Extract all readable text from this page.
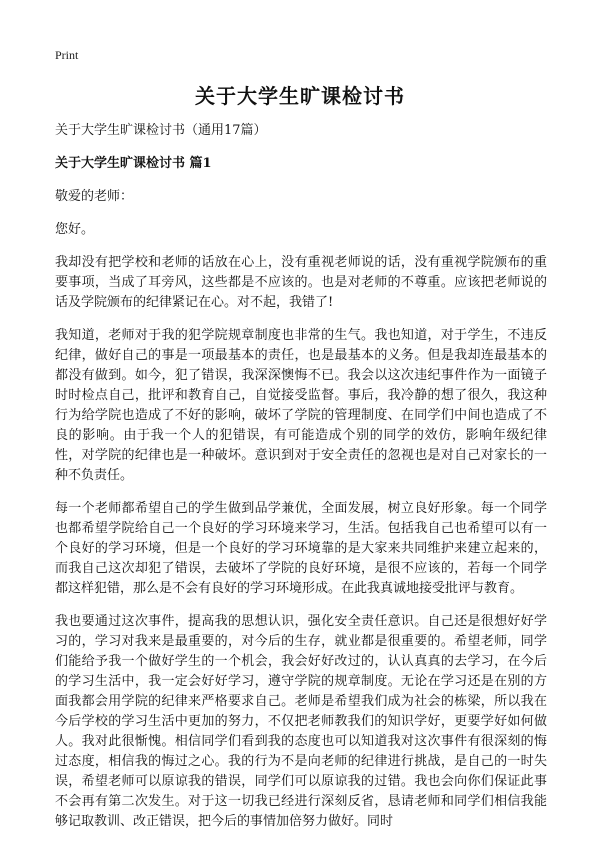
Print
关于大学生旷课检讨书
关于大学生旷课检讨书（通用17篇）
关于大学生旷课检讨书 篇1
敬爱的老师：
您好。

我却没有把学校和老师的话放在心上，没有重视老师说的话，没有重视学院颁布的重要事项，当成了耳旁风，这些都是不应该的。也是对老师的不尊重。应该把老师说的话及学院颁布的纪律紧记在心。对不起，我错了!

我知道，老师对于我的犯学院规章制度也非常的生气。我也知道，对于学生，不违反纪律，做好自己的事是一项最基本的责任，也是最基本的义务。但是我却连最基本的都没有做到。如今，犯了错误，我深深懊悔不已。我会以这次违纪事件作为一面镜子时时检点自己，批评和教育自己，自觉接受监督。事后，我冷静的想了很久，我这种行为给学院也造成了不好的影响，破坏了学院的管理制度、在同学们中间也造成了不良的影响。由于我一个人的犯错误，有可能造成个别的同学的效仿，影响年级纪律性，对学院的纪律也是一种破坏。意识到对于安全责任的忽视也是对自己对家长的一种不负责任。

每一个老师都希望自己的学生做到品学兼优，全面发展，树立良好形象。每一个同学也都希望学院给自己一个良好的学习环境来学习，生活。包括我自己也希望可以有一个良好的学习环境，但是一个良好的学习环境靠的是大家来共同维护来建立起来的，而我自己这次却犯了错误，去破坏了学院的良好环境，是很不应该的，若每一个同学都这样犯错，那么是不会有良好的学习环境形成。在此我真诚地接受批评与教育。

我也要通过这次事件，提高我的思想认识，强化安全责任意识。自己还是很想好好学习的，学习对我来是最重要的，对今后的生存，就业都是很重要的。希望老师，同学们能给予我一个做好学生的一个机会，我会好好改过的，认认真真的去学习，在今后的学习生活中，我一定会好好学习，遵守学院的规章制度。无论在学习还是在别的方面我都会用学院的纪律来严格要求自己。老师是希望我们成为社会的栋梁，所以我在今后学校的学习生活中更加的努力，不仅把老师教我们的知识学好，更要学好如何做人。我对此很惭愧。相信同学们看到我的态度也可以知道我对这次事件有很深刻的悔过态度，相信我的悔过之心。我的行为不是向老师的纪律进行挑战，是自己的一时失误，希望老师可以原谅我的错误，同学们可以原谅我的过错。我也会向你们保证此事不会再有第二次发生。对于这一切我已经进行深刻反省，恳请老师和同学们相信我能够记取教训、改正错误，把今后的事情加倍努力做好。同时
